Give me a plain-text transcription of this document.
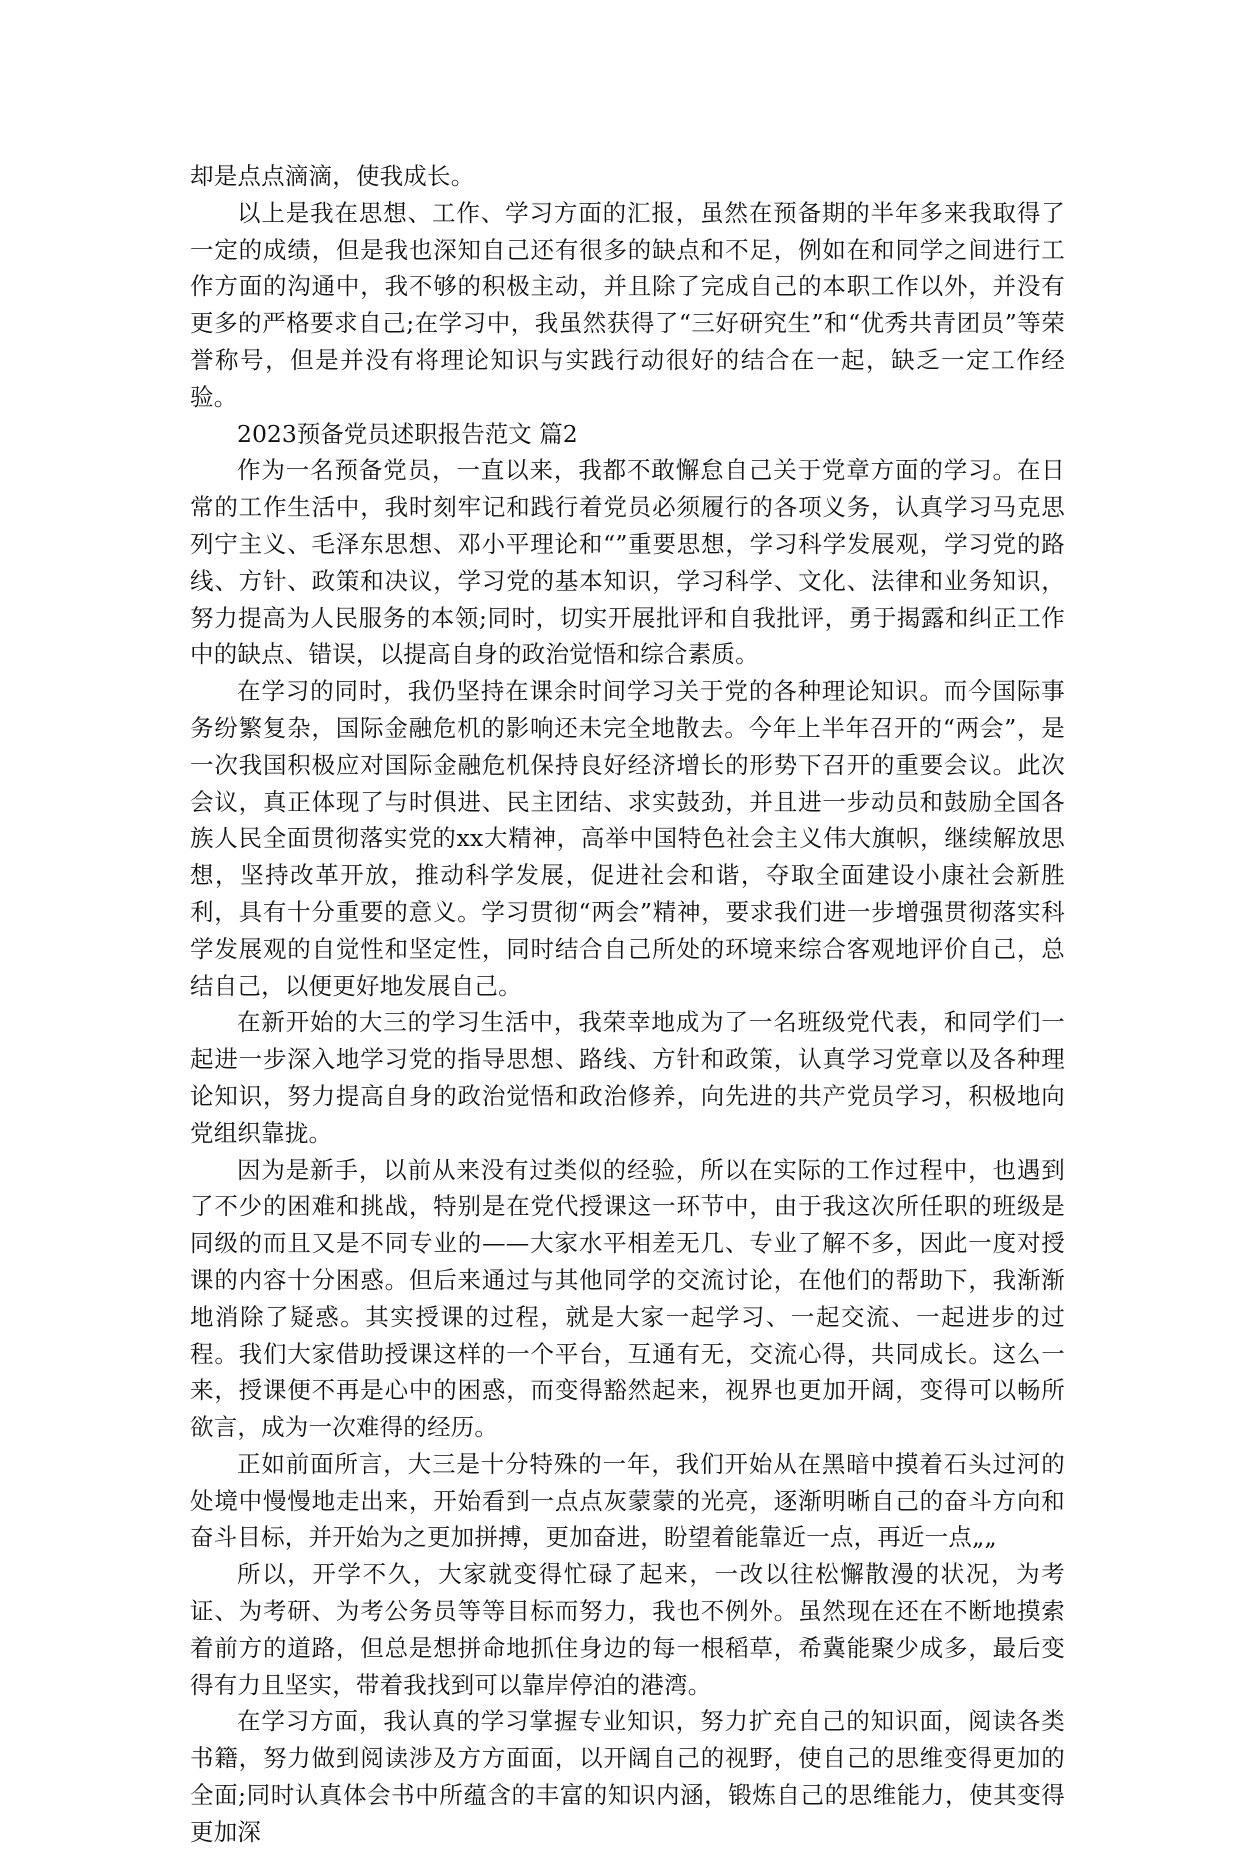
却是点点滴滴，使我成长。

以上是我在思想、工作、学习方面的汇报，虽然在预备期的半年多来我取得了一定的成绩，但是我也深知自己还有很多的缺点和不足，例如在和同学之间进行工作方面的沟通中，我不够的积极主动，并且除了完成自己的本职工作以外，并没有更多的严格要求自己;在学习中，我虽然获得了“三好研究生”和“优秀共青团员”等荣誉称号，但是并没有将理论知识与实践行动很好的结合在一起，缺乏一定工作经验。

2023预备党员述职报告范文 篇2

作为一名预备党员，一直以来，我都不敢懈怠自己关于党章方面的学习。在日常的工作生活中，我时刻牢记和践行着党员必须履行的各项义务，认真学习马克思列宁主义、毛泽东思想、邓小平理论和“”重要思想，学习科学发展观，学习党的路线、方针、政策和决议，学习党的基本知识，学习科学、文化、法律和业务知识，努力提高为人民服务的本领;同时，切实开展批评和自我批评，勇于揭露和纠正工作中的缺点、错误，以提高自身的政治觉悟和综合素质。

在学习的同时，我仍坚持在课余时间学习关于党的各种理论知识。而今国际事务纷繁复杂，国际金融危机的影响还未完全地散去。今年上半年召开的“两会”，是一次我国积极应对国际金融危机保持良好经济增长的形势下召开的重要会议。此次会议，真正体现了与时俱进、民主团结、求实鼓劲，并且进一步动员和鼓励全国各族人民全面贯彻落实党的xx大精神，高举中国特色社会主义伟大旗帜，继续解放思想，坚持改革开放，推动科学发展，促进社会和谐，夺取全面建设小康社会新胜利，具有十分重要的意义。学习贯彻“两会”精神，要求我们进一步增强贯彻落实科学发展观的自觉性和坚定性，同时结合自己所处的环境来综合客观地评价自己，总结自己，以便更好地发展自己。

在新开始的大三的学习生活中，我荣幸地成为了一名班级党代表，和同学们一起进一步深入地学习党的指导思想、路线、方针和政策，认真学习党章以及各种理论知识，努力提高自身的政治觉悟和政治修养，向先进的共产党员学习，积极地向党组织靠拢。

因为是新手，以前从来没有过类似的经验，所以在实际的工作过程中，也遇到了不少的困难和挑战，特别是在党代授课这一环节中，由于我这次所任职的班级是同级的而且又是不同专业的——大家水平相差无几、专业了解不多，因此一度对授课的内容十分困惑。但后来通过与其他同学的交流讨论，在他们的帮助下，我渐渐地消除了疑惑。其实授课的过程，就是大家一起学习、一起交流、一起进步的过程。我们大家借助授课这样的一个平台，互通有无，交流心得，共同成长。这么一来，授课便不再是心中的困惑，而变得豁然起来，视界也更加开阔，变得可以畅所欲言，成为一次难得的经历。

正如前面所言，大三是十分特殊的一年，我们开始从在黑暗中摸着石头过河的处境中慢慢地走出来，开始看到一点点灰蒙蒙的光亮，逐渐明晰自己的奋斗方向和奋斗目标，并开始为之更加拼搏，更加奋进，盼望着能靠近一点，再近一点„„

所以，开学不久，大家就变得忙碌了起来，一改以往松懈散漫的状况，为考证、为考研、为考公务员等等目标而努力，我也不例外。虽然现在还在不断地摸索着前方的道路，但总是想拼命地抓住身边的每一根稻草，希冀能聚少成多，最后变得有力且坚实，带着我找到可以靠岸停泊的港湾。

在学习方面，我认真的学习掌握专业知识，努力扩充自己的知识面，阅读各类书籍，努力做到阅读涉及方方面面，以开阔自己的视野，使自己的思维变得更加的全面;同时认真体会书中所蕴含的丰富的知识内涵，锻炼自己的思维能力，使其变得更加深
